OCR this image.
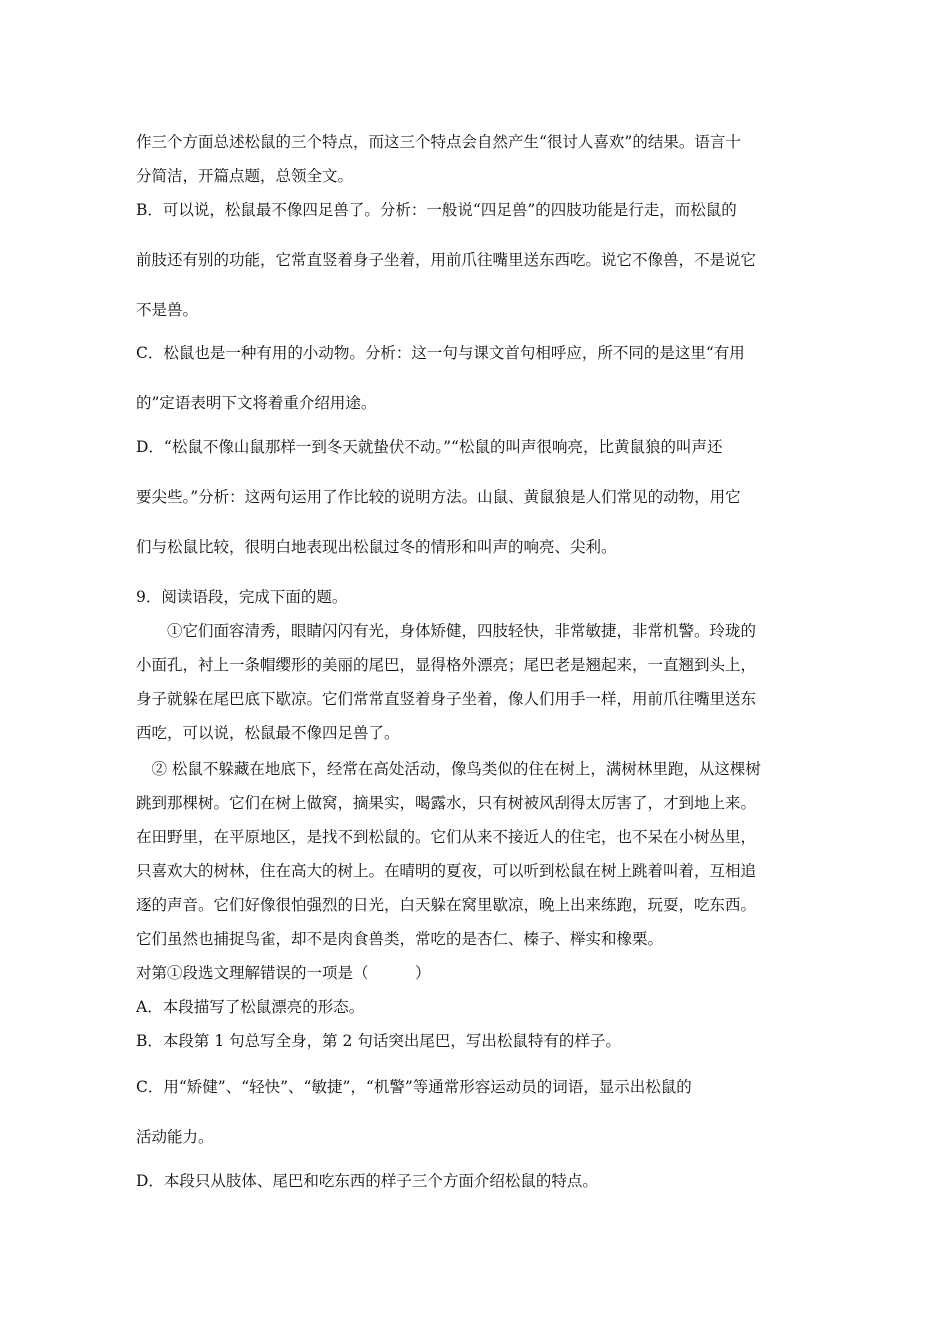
作三个方面总述松鼠的三个特点，而这三个特点会自然产生“很讨人喜欢”的结果。语言十
分简洁，开篇点题，总领全文。
B．可以说，松鼠最不像四足兽了。分析：一般说“四足兽”的四肢功能是行走，而松鼠的
前肢还有别的功能，它常直竖着身子坐着，用前爪往嘴里送东西吃。说它不像兽，不是说它
不是兽。
C．松鼠也是一种有用的小动物。分析：这一句与课文首句相呼应，所不同的是这里“有用
的”定语表明下文将着重介绍用途。
D．“松鼠不像山鼠那样一到冬天就蛰伏不动。”“松鼠的叫声很响亮，比黄鼠狼的叫声还
要尖些。”分析：这两句运用了作比较的说明方法。山鼠、黄鼠狼是人们常见的动物，用它
们与松鼠比较，很明白地表现出松鼠过冬的情形和叫声的响亮、尖利。
9．阅读语段，完成下面的题。
　　①它们面容清秀，眼睛闪闪有光，身体矫健，四肢轻快，非常敏捷，非常机警。玲珑的
小面孔，衬上一条帽缨形的美丽的尾巴，显得格外漂亮；尾巴老是翘起来，一直翘到头上，
身子就躲在尾巴底下歇凉。它们常常直竖着身子坐着，像人们用手一样，用前爪往嘴里送东
西吃，可以说，松鼠最不像四足兽了。
　② 松鼠不躲藏在地底下，经常在高处活动，像鸟类似的住在树上，满树林里跑，从这棵树
跳到那棵树。它们在树上做窝，摘果实，喝露水，只有树被风刮得太厉害了，才到地上来。
在田野里，在平原地区，是找不到松鼠的。它们从来不接近人的住宅，也不呆在小树丛里，
只喜欢大的树林，住在高大的树上。在晴明的夏夜，可以听到松鼠在树上跳着叫着，互相追
逐的声音。它们好像很怕强烈的日光，白天躲在窝里歇凉，晚上出来练跑，玩耍，吃东西。
它们虽然也捕捉鸟雀，却不是肉食兽类，常吃的是杏仁、榛子、榉实和橡栗。
对第①段选文理解错误的一项是（　　　）
A．本段描写了松鼠漂亮的形态。
B．本段第 1 句总写全身，第 2 句话突出尾巴，写出松鼠特有的样子。
C．用“矫健”、“轻快”、“敏捷”，“机警”等通常形容运动员的词语，显示出松鼠的
活动能力。
D．本段只从肢体、尾巴和吃东西的样子三个方面介绍松鼠的特点。
